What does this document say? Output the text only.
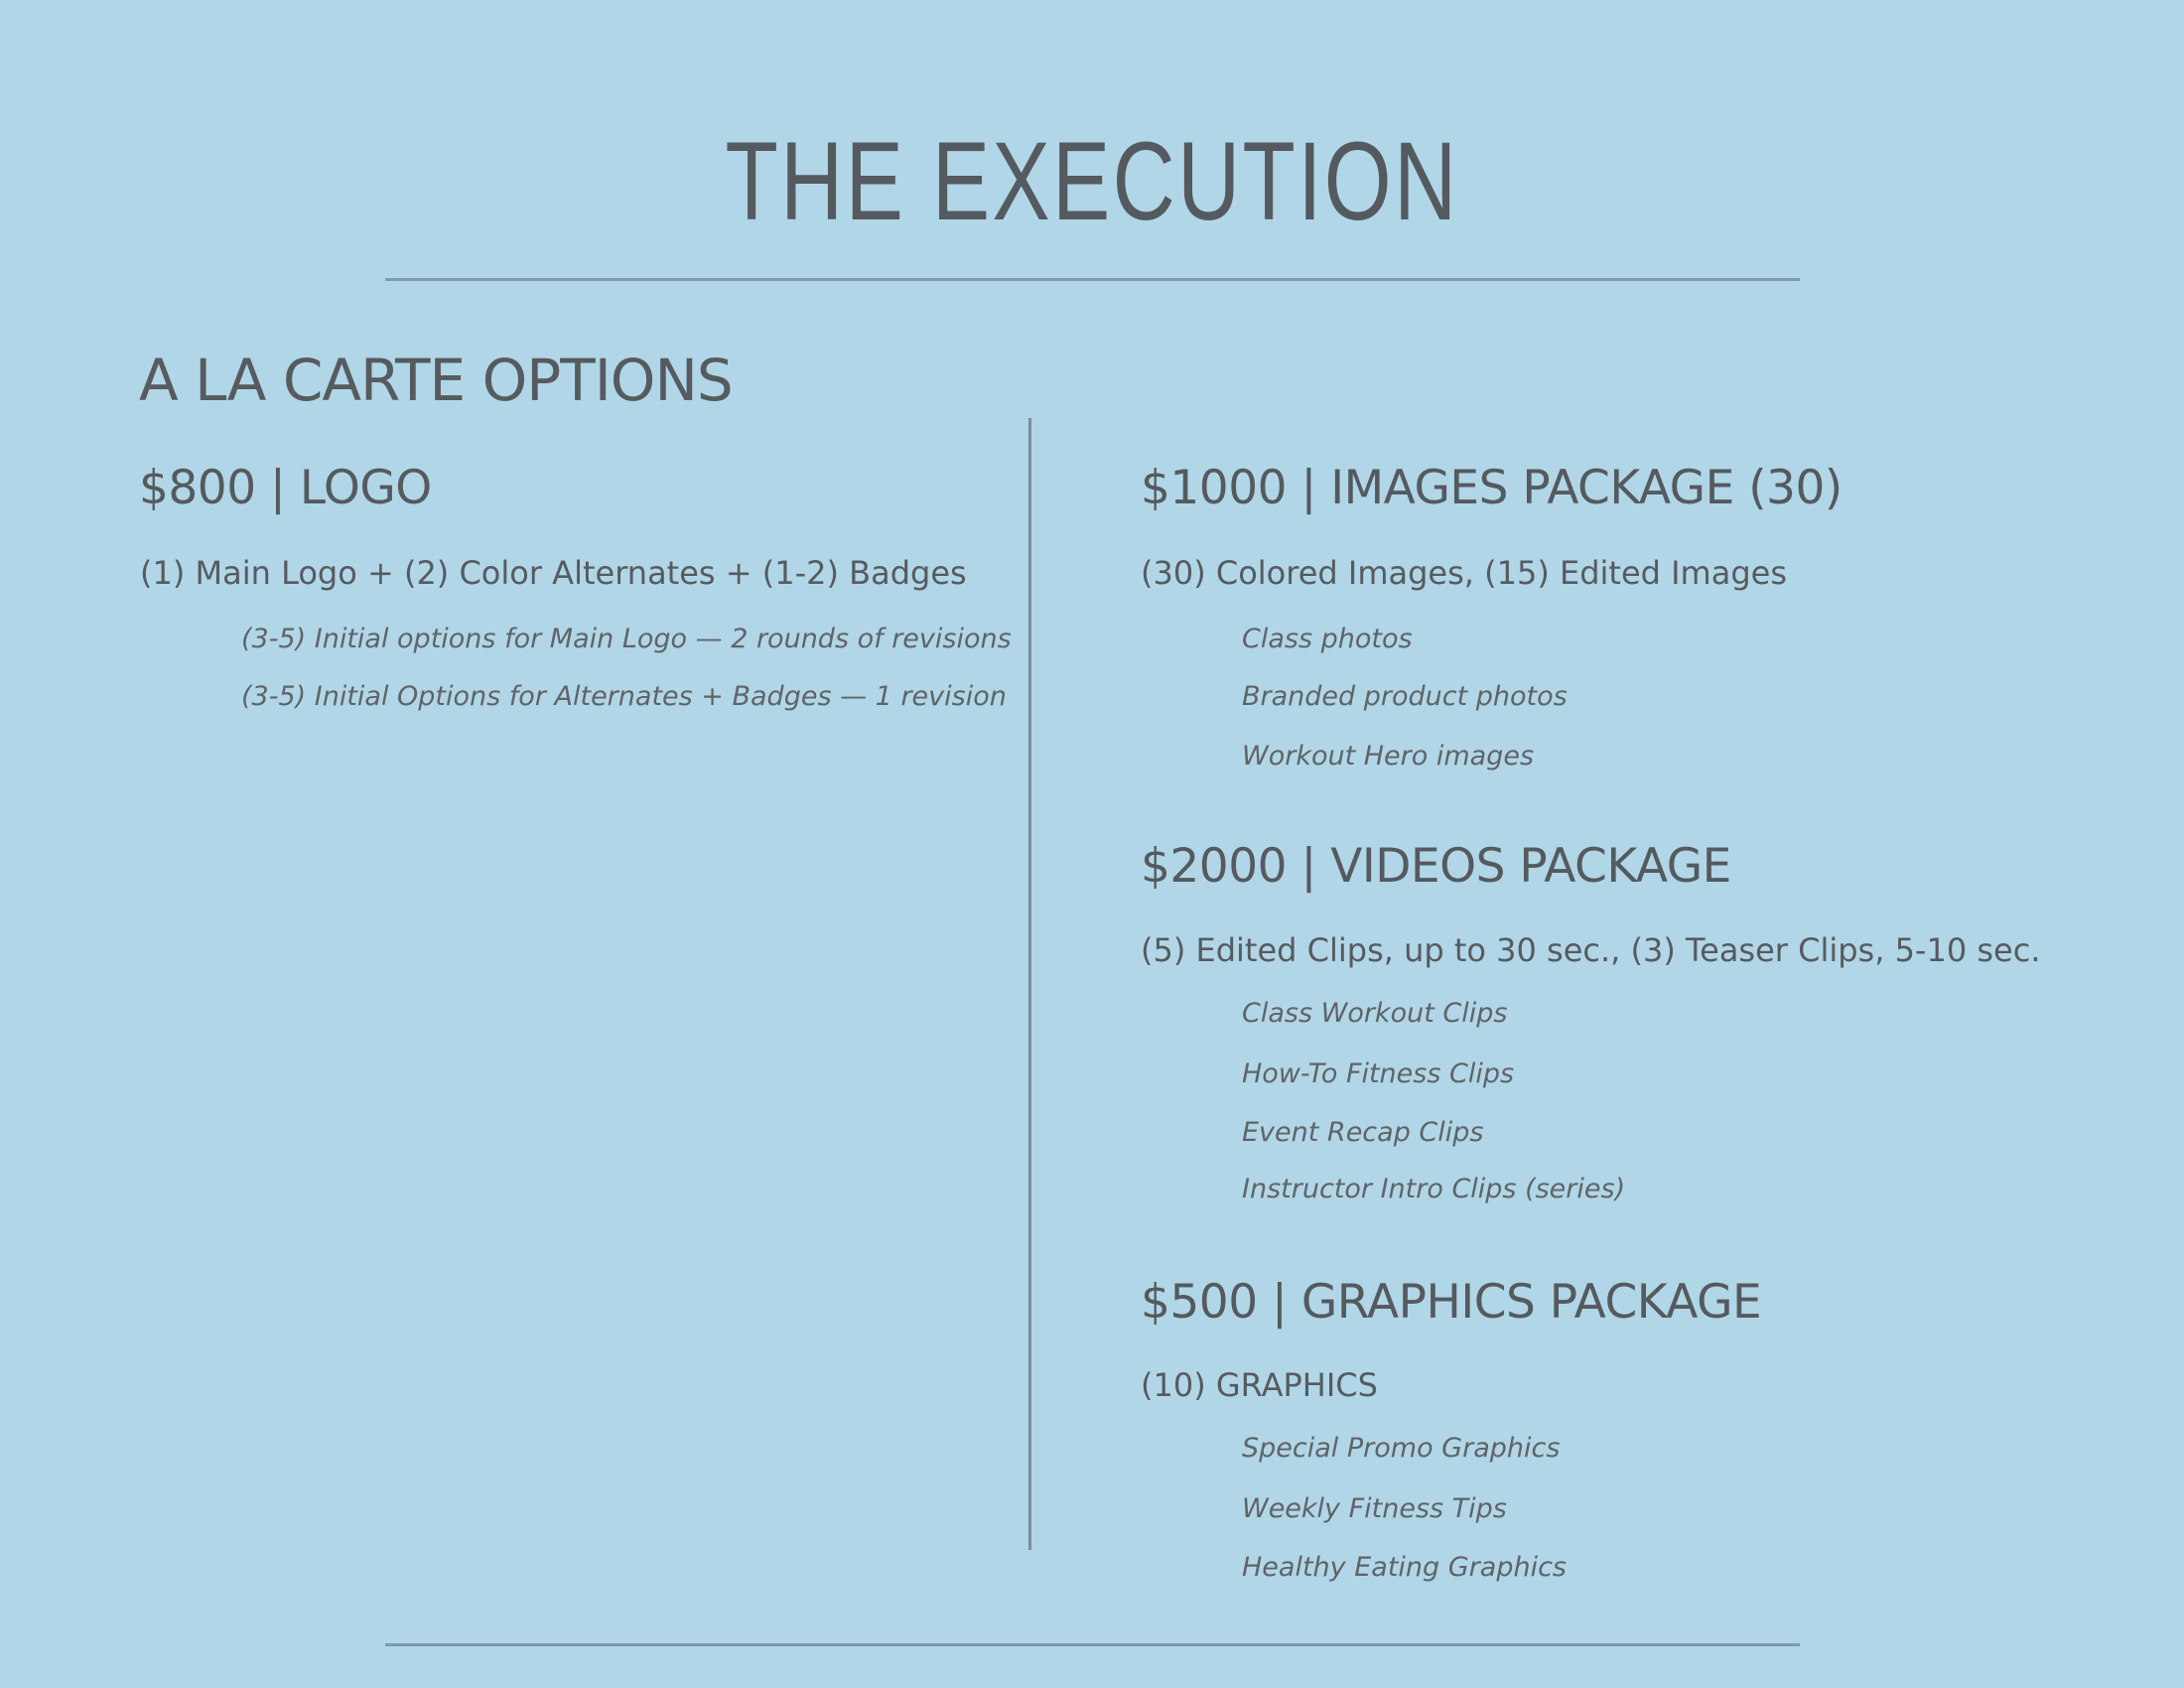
THE EXECUTION
A LA CARTE OPTIONS
$800 | LOGO
(1) Main Logo + (2) Color Alternates + (1-2) Badges
(3-5) Initial options for Main Logo — 2 rounds of revisions
(3-5) Initial Options for Alternates + Badges — 1 revision
$1000 | IMAGES PACKAGE (30)
(30) Colored Images, (15) Edited Images
Class photos
Branded product photos
Workout Hero images
$2000 | VIDEOS PACKAGE
(5) Edited Clips, up to 30 sec., (3) Teaser Clips, 5-10 sec.
Class Workout Clips
How-To Fitness Clips
Event Recap Clips
Instructor Intro Clips (series)
$500 | GRAPHICS PACKAGE
(10) GRAPHICS
Special Promo Graphics
Weekly Fitness Tips
Healthy Eating Graphics
